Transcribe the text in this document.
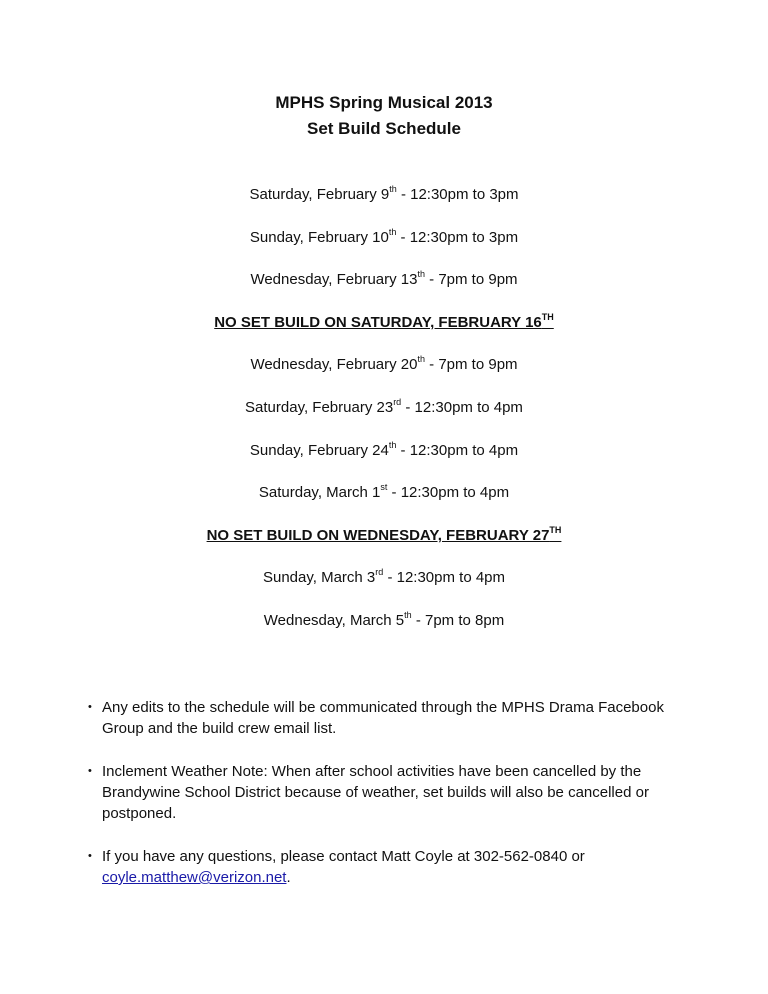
MPHS Spring Musical 2013
Set Build Schedule
Saturday, February 9th - 12:30pm to 3pm
Sunday, February 10th - 12:30pm to 3pm
Wednesday, February 13th - 7pm to 9pm
NO SET BUILD ON SATURDAY, FEBRUARY 16TH
Wednesday, February 20th - 7pm to 9pm
Saturday, February 23rd - 12:30pm to 4pm
Sunday, February 24th - 12:30pm to 4pm
Saturday, March 1st - 12:30pm to 4pm
NO SET BUILD ON WEDNESDAY, FEBRUARY 27TH
Sunday, March 3rd - 12:30pm to 4pm
Wednesday, March 5th - 7pm to 8pm
• Any edits to the schedule will be communicated through the MPHS Drama Facebook Group and the build crew email list.
• Inclement Weather Note: When after school activities have been cancelled by the Brandywine School District because of weather, set builds will also be cancelled or postponed.
• If you have any questions, please contact Matt Coyle at 302-562-0840 or coyle.matthew@verizon.net.
